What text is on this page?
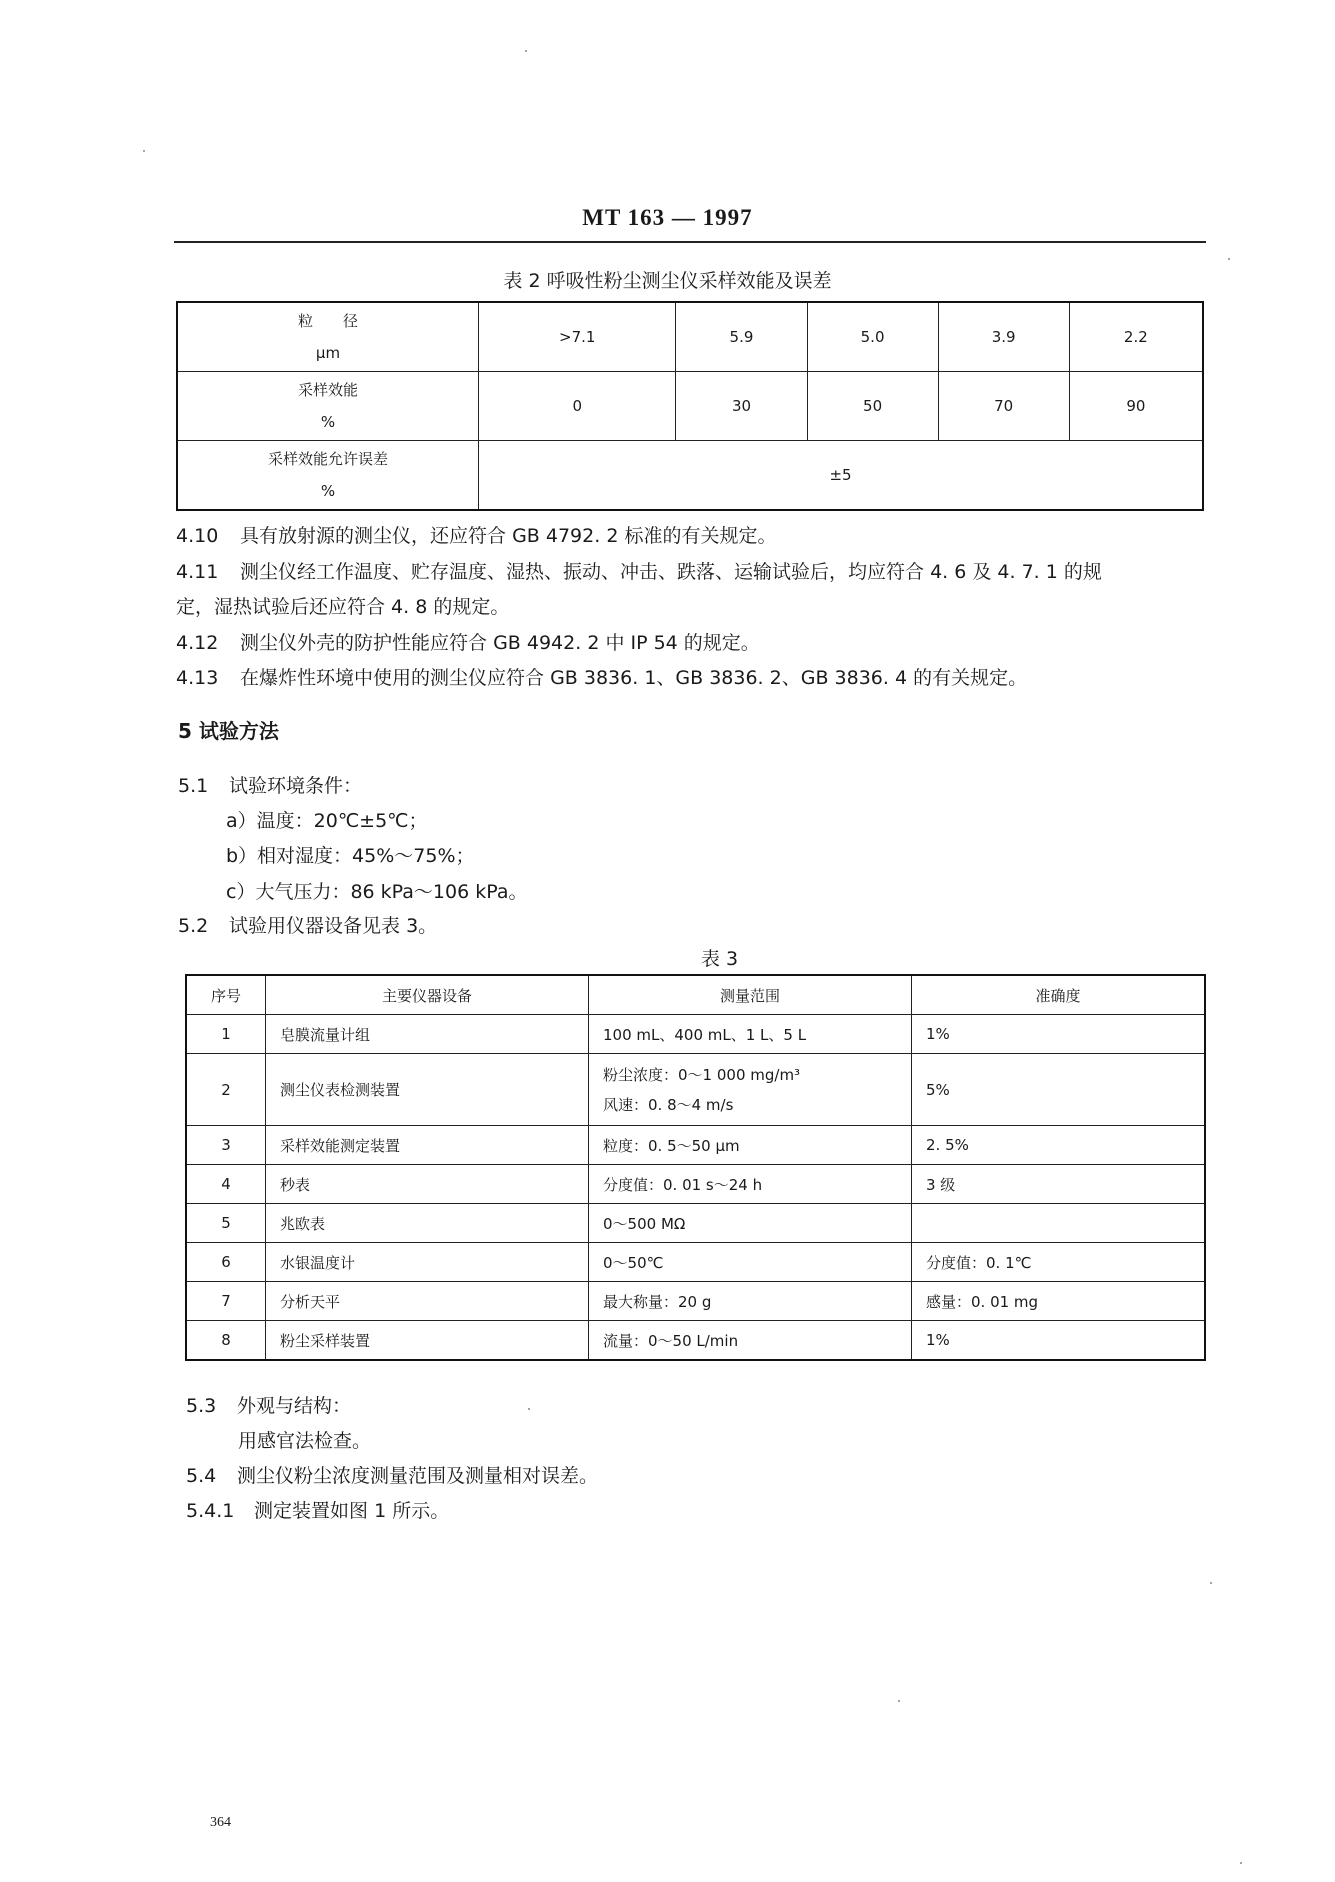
MT 163 — 1997
表 2 呼吸性粉尘测尘仪采样效能及误差
粒　　径
μm	>7.1	5.9	5.0	3.9	2.2

采样效能
%	0	30	50	70	90

采样效能允许误差
%	±5				
4.10 具有放射源的测尘仪，还应符合 GB 4792. 2 标准的有关规定。
4.11 测尘仪经工作温度、贮存温度、湿热、振动、冲击、跌落、运输试验后，均应符合 4. 6 及 4. 7. 1 的规
定，湿热试验后还应符合 4. 8 的规定。
4.12 测尘仪外壳的防护性能应符合 GB 4942. 2 中 IP 54 的规定。
4.13 在爆炸性环境中使用的测尘仪应符合 GB 3836. 1、GB 3836. 2、GB 3836. 4 的有关规定。
5 试验方法
5.1 试验环境条件：
a）温度：20℃±5℃；
b）相对湿度：45%～75%；
c）大气压力：86 kPa～106 kPa。
5.2 试验用仪器设备见表 3。
表 3
序号	主要仪器设备	测量范围	准确度
1	皂膜流量计组	100 mL、400 mL、1 L、5 L	1%
2	测尘仪表检测装置	粉尘浓度：0～1 000 mg/m³
风速：0. 8～4 m/s	5%
3	采样效能测定装置	粒度：0. 5～50 μm	2. 5%
4	秒表	分度值：0. 01 s～24 h	3 级
5	兆欧表	0～500 MΩ	
6	水银温度计	0～50℃	分度值：0. 1℃
7	分析天平	最大称量：20 g	感量：0. 01 mg
8	粉尘采样装置	流量：0～50 L/min	1%
5.3 外观与结构：
用感官法检查。
5.4 测尘仪粉尘浓度测量范围及测量相对误差。
5.4.1 测定装置如图 1 所示。
364
